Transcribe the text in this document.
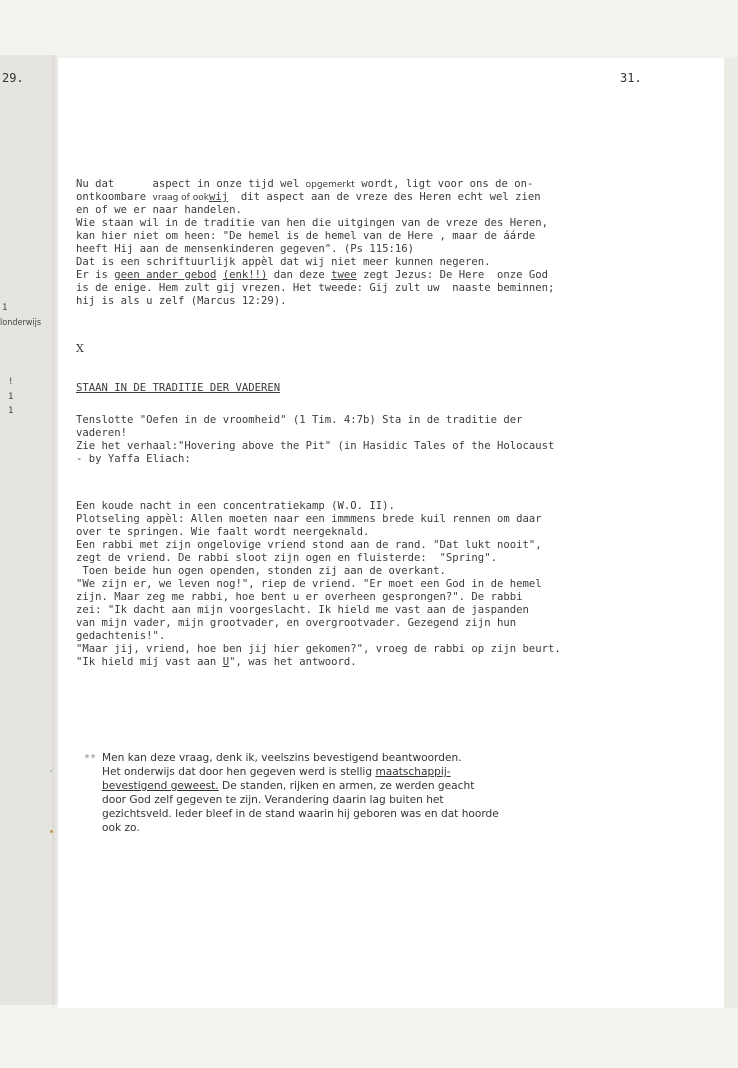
29.	31.
1
londerwijs
!
1
1
Nu dat      aspect in onze tijd wel opgemerkt wordt, ligt voor ons de on-
ontkoombare vraag of ookwij  dit aspect aan de vreze des Heren echt wel zien
en of we er naar handelen.
Wie staan wil in de traditie van hen die uitgingen van de vreze des Heren,
kan hier niet om heen: "De hemel is de hemel van de Here , maar de áárde
heeft Hij aan de mensenkinderen gegeven". (Ps 115:16)
Dat is een schriftuurlijk appèl dat wij niet meer kunnen negeren.
Er is geen ander gebod (enk!!) dan deze twee zegt Jezus: De Here  onze God
is de enige. Hem zult gij vrezen. Het tweede: Gij zult uw  naaste beminnen;
hij is als u zelf (Marcus 12:29).
X
STAAN IN DE TRADITIE DER VADEREN
Tenslotte "Oefen in de vroomheid" (1 Tim. 4:7b) Sta in de traditie der
vaderen!
Zie het verhaal:"Hovering above the Pit" (in Hasidic Tales of the Holocaust
- by Yaffa Eliach:
Een koude nacht in een concentratiekamp (W.O. II).
Plotseling appèl: Allen moeten naar een immmens brede kuil rennen om daar
over te springen. Wie faalt wordt neergeknald.
Een rabbi met zijn ongelovige vriend stond aan de rand. "Dat lukt nooit",
zegt de vriend. De rabbi sloot zijn ogen en fluisterde:  "Spring".
Toen beide hun ogen openden, stonden zij aan de overkant.
"We zijn er, we leven nog!", riep de vriend. "Er moet een God in de hemel
zijn. Maar zeg me rabbi, hoe bent u er overheen gesprongen?". De rabbi
zei: "Ik dacht aan mijn voorgeslacht. Ik hield me vast aan de jaspanden
van mijn vader, mijn grootvader, en overgrootvader. Gezegend zijn hun
gedachtenis!".
"Maar jij, vriend, hoe ben jij hier gekomen?", vroeg de rabbi op zijn beurt.
"Ik hield mij vast aan U", was het antwoord.
** Men kan deze vraag, denk ik, veelszins bevestigend beantwoorden.
Het onderwijs dat door hen gegeven werd is stellig maatschappij-
bevestigend geweest. De standen, rijken en armen, ze werden geacht
door God zelf gegeven te zijn. Verandering daarin lag buiten het
gezichtsveld. Ieder bleef in de stand waarin hij geboren was en dat hoorde
ook zo.
